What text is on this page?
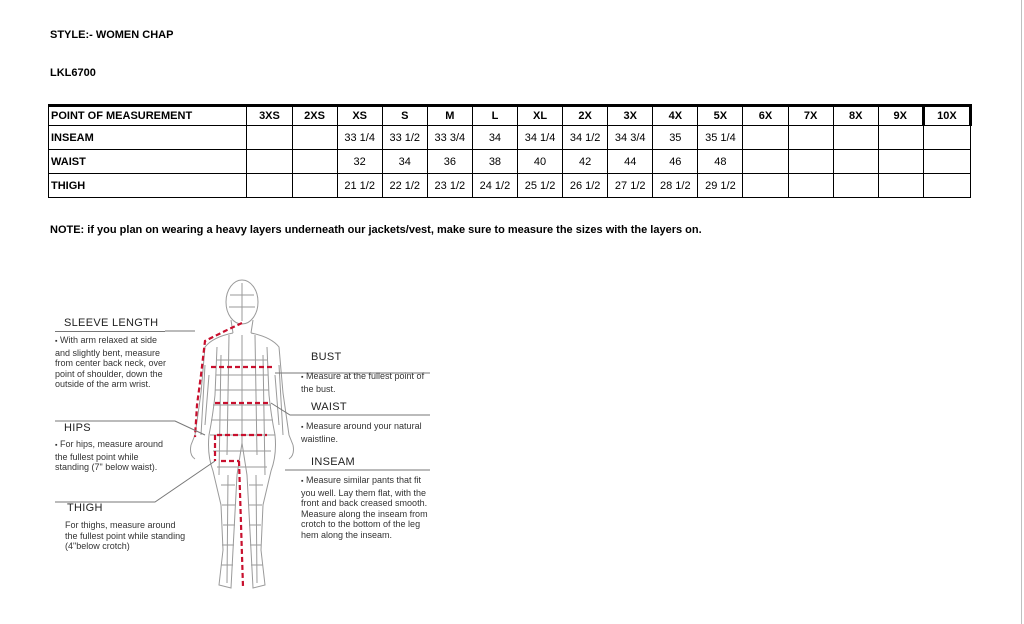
STYLE:- WOMEN CHAP
LKL6700
POINT OF MEASUREMENT	3XS	2XS	XS	S	M	L	XL	2X	3X	4X	5X	6X	7X	8X	9X	10X
INSEAM			33 1/4	33 1/2	33 3/4	34	34 1/4	34 1/2	34 3/4	35	35 1/4					
WAIST			32	34	36	38	40	42	44	46	48					
THIGH			21 1/2	22 1/2	23 1/2	24 1/2	25 1/2	26 1/2	27 1/2	28 1/2	29 1/2					
NOTE: if you plan on wearing a heavy layers underneath our jackets/vest, make sure to measure the sizes with the layers on.
SLEEVE LENGTH
▪ With arm relaxed at side and slightly bent, measure from center back neck, over point of shoulder, down the outside of the arm wrist.
HIPS
▪ For hips, measure around the fullest point while standing (7" below waist).
THIGH
For thighs, measure around the fullest point while standing (4"below crotch)
BUST
▪ Measure at the fullest point of the bust.
WAIST
▪ Measure around your natural waistline.
INSEAM
▪ Measure similar pants that fit you well. Lay them flat, with the front and back creased smooth. Measure along the inseam from crotch to the bottom of the leg hem along the inseam.
